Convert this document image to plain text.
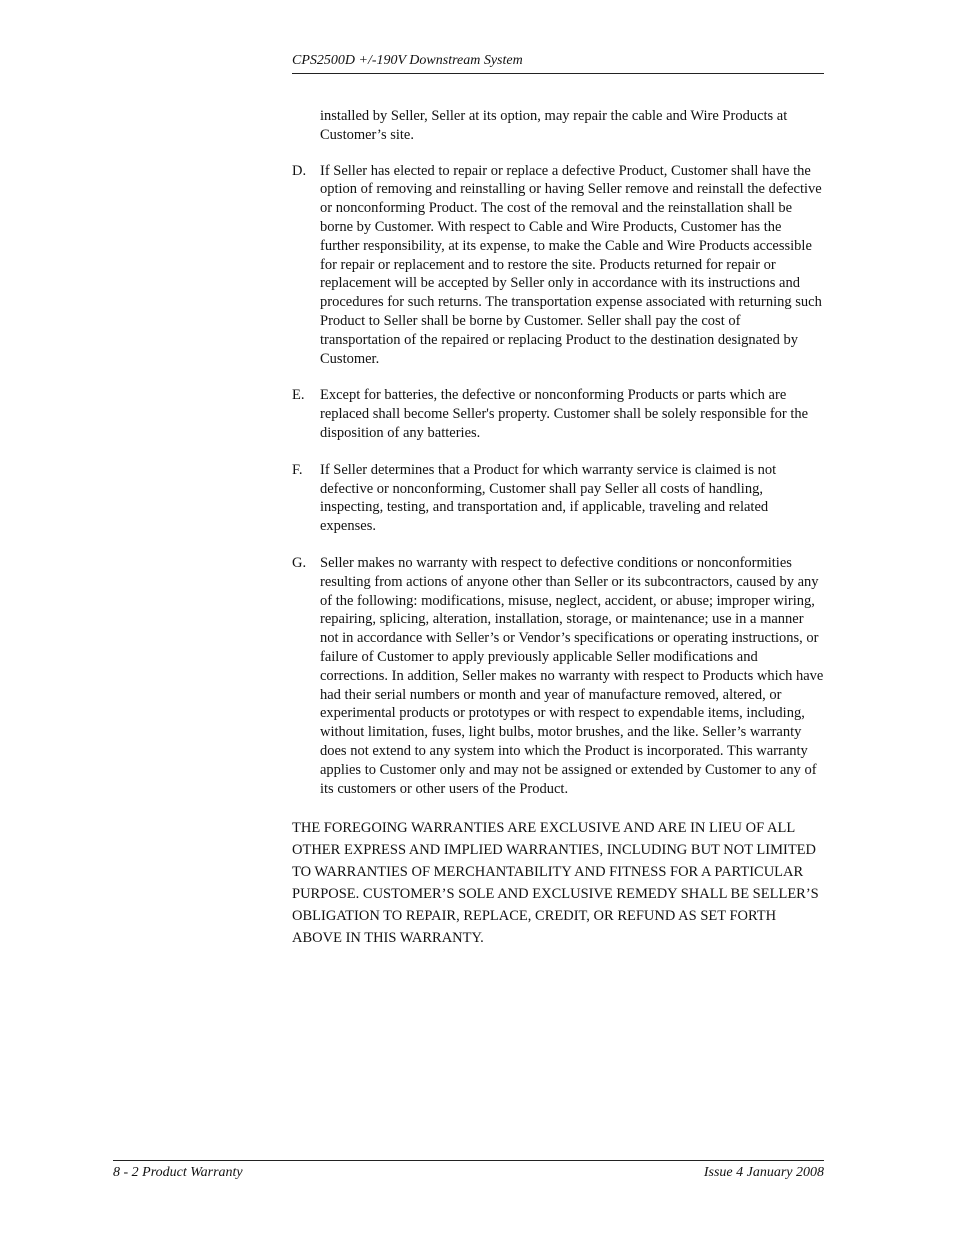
CPS2500D +/-190V Downstream System
installed by Seller, Seller at its option, may repair the cable and Wire Products at Customer’s site.
D. If Seller has elected to repair or replace a defective Product, Customer shall have the option of removing and reinstalling or having Seller remove and reinstall the defective or nonconforming Product. The cost of the removal and the reinstallation shall be borne by Customer. With respect to Cable and Wire Products, Customer has the further responsibility, at its expense, to make the Cable and Wire Products accessible for repair or replacement and to restore the site. Products returned for repair or replacement will be accepted by Seller only in accordance with its instructions and procedures for such returns. The transportation expense associated with returning such Product to Seller shall be borne by Customer. Seller shall pay the cost of transportation of the repaired or replacing Product to the destination designated by Customer.
E. Except for batteries, the defective or nonconforming Products or parts which are replaced shall become Seller's property. Customer shall be solely responsible for the disposition of any batteries.
F. If Seller determines that a Product for which warranty service is claimed is not defective or nonconforming, Customer shall pay Seller all costs of handling, inspecting, testing, and transportation and, if applicable, traveling and related expenses.
G. Seller makes no warranty with respect to defective conditions or nonconformities resulting from actions of anyone other than Seller or its subcontractors, caused by any of the following: modifications, misuse, neglect, accident, or abuse; improper wiring, repairing, splicing, alteration, installation, storage, or maintenance; use in a manner not in accordance with Seller’s or Vendor’s specifications or operating instructions, or failure of Customer to apply previously applicable Seller modifications and corrections. In addition, Seller makes no warranty with respect to Products which have had their serial numbers or month and year of manufacture removed, altered, or experimental products or prototypes or with respect to expendable items, including, without limitation, fuses, light bulbs, motor brushes, and the like. Seller’s warranty does not extend to any system into which the Product is incorporated. This warranty applies to Customer only and may not be assigned or extended by Customer to any of its customers or other users of the Product.
THE FOREGOING WARRANTIES ARE EXCLUSIVE AND ARE IN LIEU OF ALL OTHER EXPRESS AND IMPLIED WARRANTIES, INCLUDING BUT NOT LIMITED TO WARRANTIES OF MERCHANTABILITY AND FITNESS FOR A PARTICULAR PURPOSE. CUSTOMER’S SOLE AND EXCLUSIVE REMEDY SHALL BE SELLER’S OBLIGATION TO REPAIR, REPLACE, CREDIT, OR REFUND AS SET FORTH ABOVE IN THIS WARRANTY.
8 - 2 Product Warranty	Issue 4 January 2008
